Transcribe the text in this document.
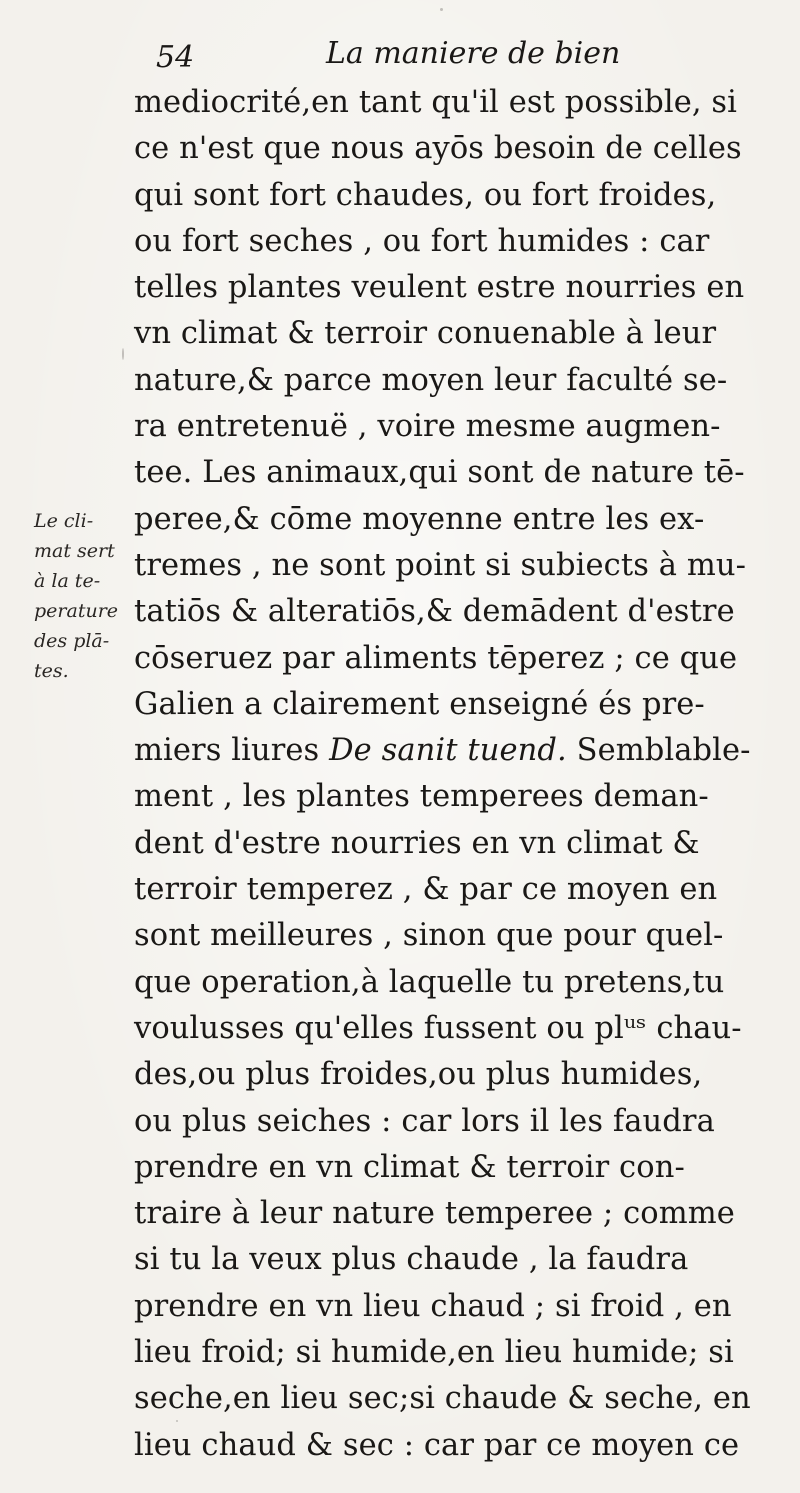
54	La maniere de bien
Le cli-
mat sert
à la te-
perature
des plā-
tes.
mediocrité,en tant qu'il est possible, si
ce n'est que nous ayōs besoin de celles
qui sont fort chaudes, ou fort froides,
ou fort seches , ou fort humides : car
telles plantes veulent estre nourries en
vn climat & terroir conuenable à leur
nature,& parce moyen leur faculté se-
ra entretenuë , voire mesme augmen-
tee. Les animaux,qui sont de nature tē-
peree,& cōme moyenne entre les ex-
tremes , ne sont point si subiects à mu-
tatiōs & alteratiōs,& demādent d'estre
cōseruez par aliments tēperez ; ce que
Galien a clairement enseigné és pre-
miers liures De sanit tuend. Semblable-
ment , les plantes temperees deman-
dent d'estre nourries en vn climat &
terroir temperez , & par ce moyen en
sont meilleures , sinon que pour quel-
que operation,à laquelle tu pretens,tu
voulusses qu'elles fussent ou plᵘˢ chau-
des,ou plus froides,ou plus humides,
ou plus seiches : car lors il les faudra
prendre en vn climat & terroir con-
traire à leur nature temperee ; comme
si tu la veux plus chaude , la faudra
prendre en vn lieu chaud ; si froid , en
lieu froid; si humide,en lieu humide; si
seche,en lieu sec;si chaude & seche, en
lieu chaud & sec : car par ce moyen ce
